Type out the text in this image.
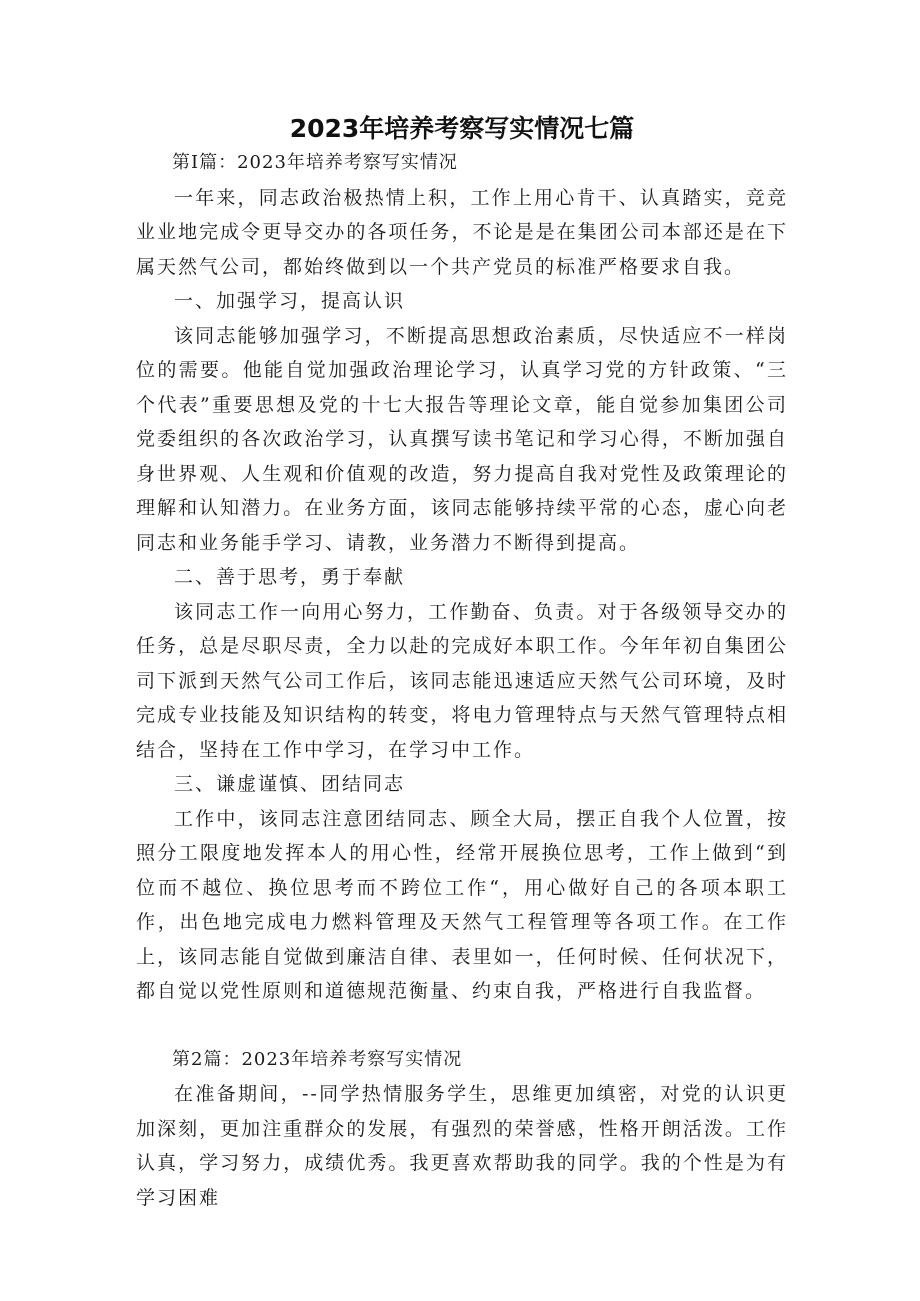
2023年培养考察写实情况七篇

第I篇：2023年培养考察写实情况

一年来，同志政治极热情上积，工作上用心肯干、认真踏实，竞竞业业地完成令更导交办的各项任务，不论是是在集团公司本部还是在下属天然气公司，都始终做到以一个共产党员的标准严格要求自我。

一、加强学习，提高认识

该同志能够加强学习，不断提高思想政治素质，尽快适应不一样岗位的需要。他能自觉加强政治理论学习，认真学习党的方针政策、“三个代表”重要思想及党的十七大报告等理论文章，能自觉参加集团公司党委组织的各次政治学习，认真撰写读书笔记和学习心得，不断加强自身世界观、人生观和价值观的改造，努力提高自我对党性及政策理论的理解和认知潜力。在业务方面，该同志能够持续平常的心态，虚心向老同志和业务能手学习、请教，业务潜力不断得到提高。

二、善于思考，勇于奉献

该同志工作一向用心努力，工作勤奋、负责。对于各级领导交办的任务，总是尽职尽责，全力以赴的完成好本职工作。今年年初自集团公司下派到天然气公司工作后，该同志能迅速适应天然气公司环境，及时完成专业技能及知识结构的转变，将电力管理特点与天然气管理特点相结合，坚持在工作中学习，在学习中工作。

三、谦虚谨慎、团结同志

工作中，该同志注意团结同志、顾全大局，摆正自我个人位置，按照分工限度地发挥本人的用心性，经常开展换位思考，工作上做到“到位而不越位、换位思考而不跨位工作“，用心做好自己的各项本职工作，出色地完成电力燃料管理及天然气工程管理等各项工作。在工作上，该同志能自觉做到廉洁自律、表里如一，任何时候、任何状况下，都自觉以党性原则和道德规范衡量、约束自我，严格进行自我监督。

第2篇：2023年培养考察写实情况

在准备期间，--同学热情服务学生，思维更加缜密，对党的认识更加深刻，更加注重群众的发展，有强烈的荣誉感，性格开朗活泼。工作认真，学习努力，成绩优秀。我更喜欢帮助我的同学。我的个性是为有学习困难
